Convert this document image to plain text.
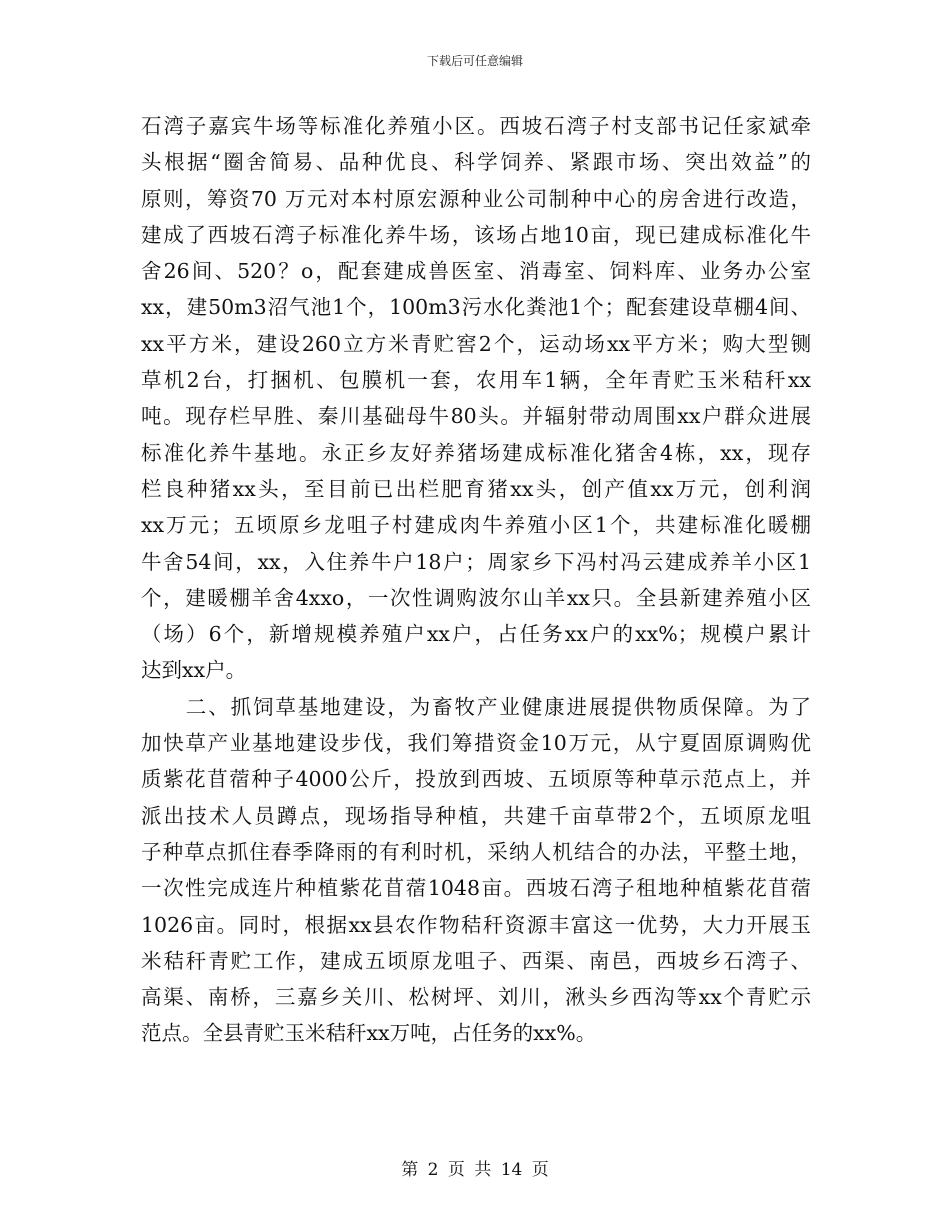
下载后可任意编辑
石湾子嘉宾牛场等标准化养殖小区。西坡石湾子村支部书记任家斌牵
头根据“圈舍简易、品种优良、科学饲养、紧跟市场、突出效益”的
原则，筹资70 万元对本村原宏源种业公司制种中心的房舍进行改造，
建成了西坡石湾子标准化养牛场，该场占地10亩，现已建成标准化牛
舍26间、520？o，配套建成兽医室、消毒室、饲料库、业务办公室
xx，建50m3沼气池1个，100m3污水化粪池1个；配套建设草棚4间、
xx平方米，建设260立方米青贮窖2个，运动场xx平方米；购大型铡
草机2台，打捆机、包膜机一套，农用车1辆，全年青贮玉米秸秆xx
吨。现存栏早胜、秦川基础母牛80头。并辐射带动周围xx户群众进展
标准化养牛基地。永正乡友好养猪场建成标准化猪舍4栋，xx，现存
栏良种猪xx头，至目前已出栏肥育猪xx头，创产值xx万元，创利润
xx万元；五顷原乡龙咀子村建成肉牛养殖小区1个，共建标准化暖棚
牛舍54间，xx，入住养牛户18户；周家乡下冯村冯云建成养羊小区1
个，建暖棚羊舍4xxo，一次性调购波尔山羊xx只。全县新建养殖小区
（场）6个，新增规模养殖户xx户，占任务xx户的xx%；规模户累计
达到xx户。
　　二、抓饲草基地建设，为畜牧产业健康进展提供物质保障。为了
加快草产业基地建设步伐，我们筹措资金10万元，从宁夏固原调购优
质紫花苜蓿种子4000公斤，投放到西坡、五顷原等种草示范点上，并
派出技术人员蹲点，现场指导种植，共建千亩草带2个，五顷原龙咀
子种草点抓住春季降雨的有利时机，采纳人机结合的办法，平整土地，
一次性完成连片种植紫花苜蓿1048亩。西坡石湾子租地种植紫花苜蓿
1026亩。同时，根据xx县农作物秸秆资源丰富这一优势，大力开展玉
米秸秆青贮工作，建成五顷原龙咀子、西渠、南邑，西坡乡石湾子、
高渠、南桥，三嘉乡关川、松树坪、刘川，湫头乡西沟等xx个青贮示
范点。全县青贮玉米秸秆xx万吨，占任务的xx%。
第 2 页 共 14 页
